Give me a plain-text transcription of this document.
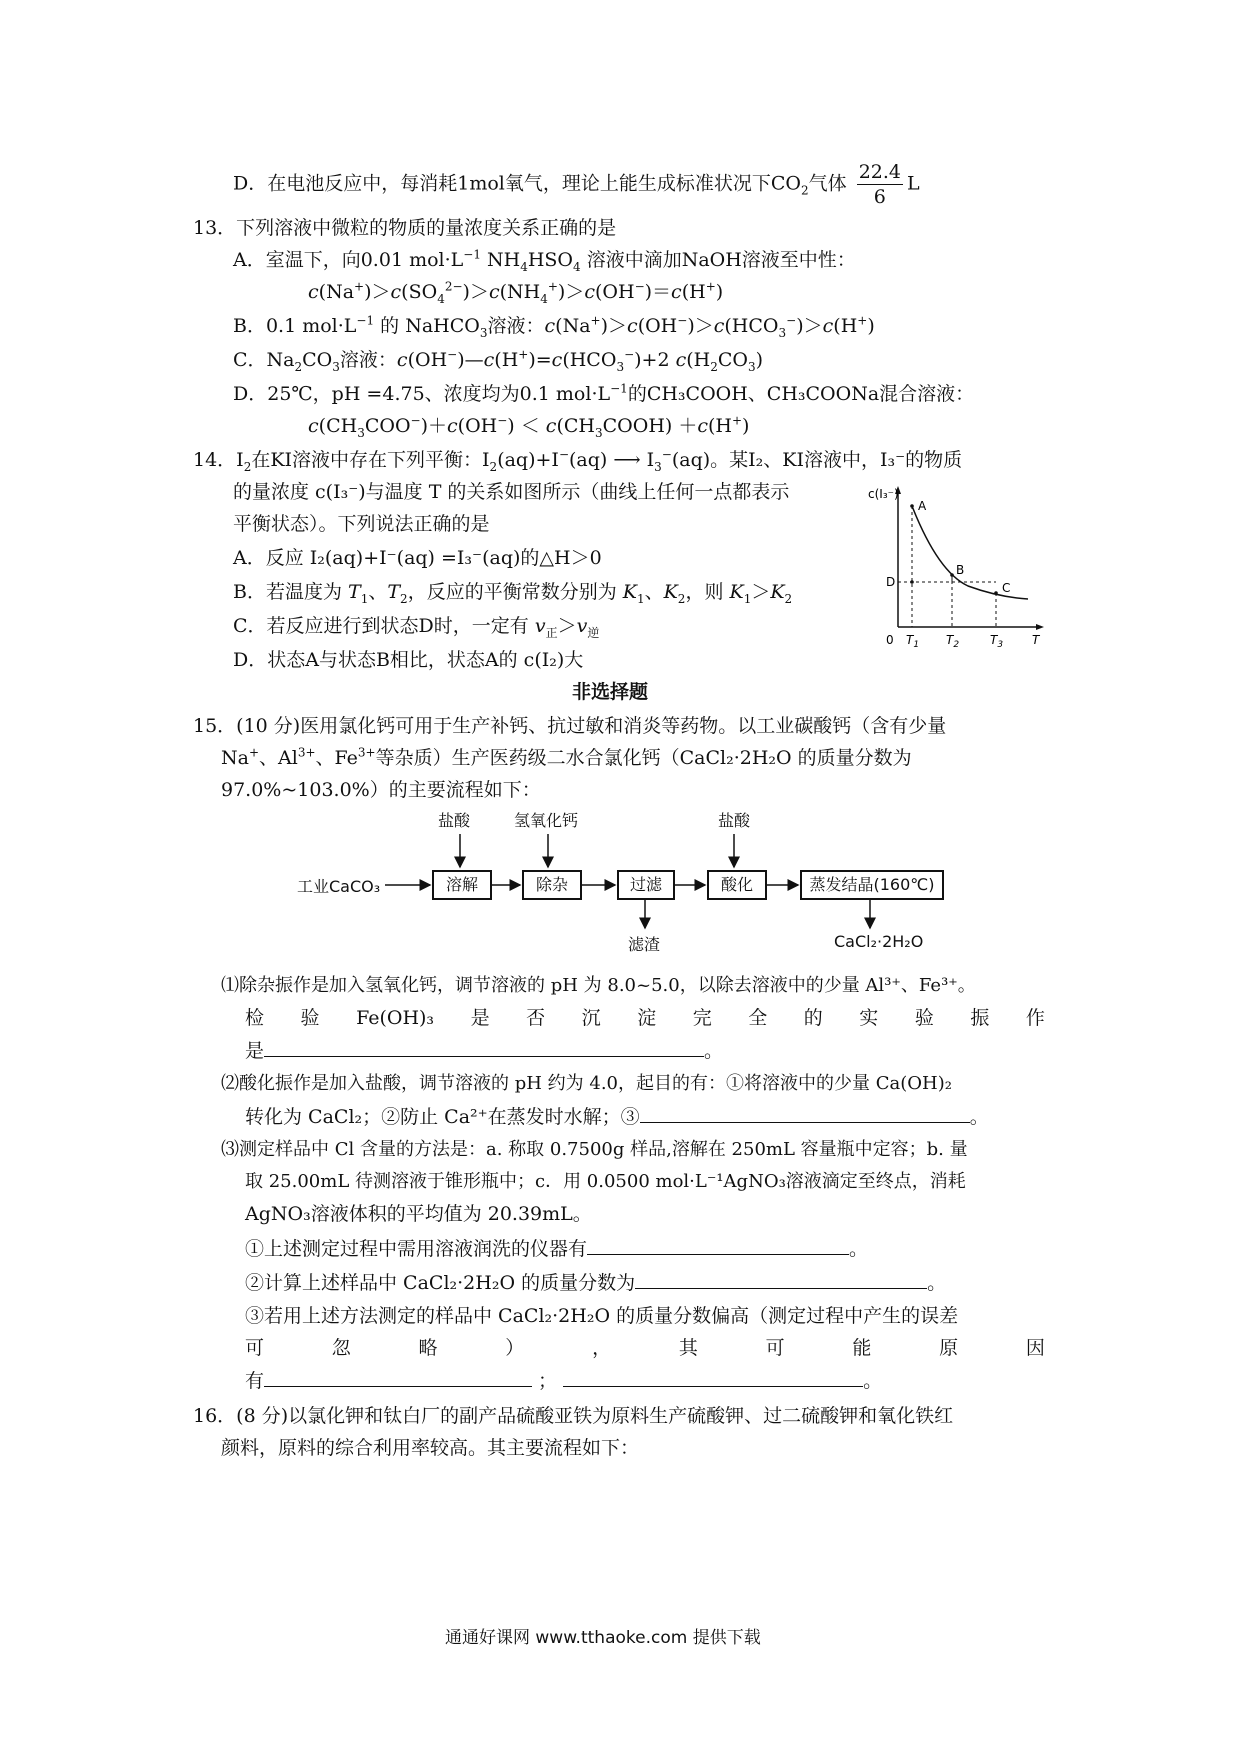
D．在电池反应中，每消耗1mol氧气，理论上能生成标准状况下$CO_2$气体 $\frac{22.4}{6}$ L
13．下列溶液中微粒的物质的量浓度关系正确的是
A．室温下，向0.01 $mol\cdot L^{-1}$ $NH_4HSO_4$ 溶液中滴加NaOH溶液至中性：
$c(Na^+)>c(SO_4^{2-})>c(NH_4^+)>c(OH^-)=c(H^+)$
B．0.1 $mol\cdot L^{-1}$ 的 NaHCO$_3$溶液：$c(Na^+)>c(OH^-)>c(HCO_3^-)>c(H^+)$
C．$Na_2CO_3$溶液：$c(OH^-)—c(H^+)=c(HCO_3^-)+2$ $c(H_2CO_3)$
D．25℃，pH =4.75、浓度均为0.1 $mol\cdot L^{-1}$的CH₃COOH、CH₃COONa混合溶液：
$c(CH_3COO^-)+c(OH^-)$ ＜ $c(CH_3COOH) +c(H^+)$
14．$I_2$在KI溶液中存在下列平衡：$I_2(aq)+I^-(aq)$ ⟶ $I_3^-(aq)$。某I₂、KI溶液中，I₃⁻的物质
的量浓度 c(I₃⁻)与温度 T 的关系如图所示（曲线上任何一点都表示
平衡状态）。下列说法正确的是
A．反应 I₂(aq)+I⁻(aq) =I₃⁻(aq)的△H＞0
B．若温度为 $T_1$、$T_2$，反应的平衡常数分别为 $K_1$、$K_2$，则 $K_1>K_2$
C．若反应进行到状态D时，一定有 $v_正>v_逆$
D．状态A与状态B相比，状态A的 c(I₂)大
c(I₃⁻)
A
B
C
D
0 $T_1$ $T_2$	$T_3$ T
非选择题
15．(10 分)医用氯化钙可用于生产补钙、抗过敏和消炎等药物。以工业碳酸钙（含有少量
Na+、$Al^{3+}$、$Fe^{3+}$等杂质）生产医药级二水合氯化钙（CaCl₂·2H₂O 的质量分数为
97.0%~103.0%）的主要流程如下：
工业CaCO₃	溶解	除杂	过滤	酸化	蒸发结晶(160℃)
盐酸	氢氧化钙	盐酸
滤渣	CaCl₂·2H₂O
⑴除杂振作是加入氢氧化钙，调节溶液的 pH 为 8.0~5.0，以除去溶液中的少量 Al³⁺、Fe³⁺。
检 验 Fe(OH)₃ 是 否 沉 淀 完 全 的 实 验 振 作
是	。
⑵酸化振作是加入盐酸，调节溶液的 pH 约为 4.0，起目的有：①将溶液中的少量 Ca(OH)₂
转化为 CaCl₂；②防止 Ca²⁺在蒸发时水解；③	。
⑶测定样品中 Cl 含量的方法是：a. 称取 0.7500g 样品,溶解在 250mL 容量瓶中定容；b. 量
取 25.00mL 待测溶液于锥形瓶中；c．用 0.0500 mol·L⁻¹AgNO₃溶液滴定至终点，消耗
AgNO₃溶液体积的平均值为 20.39mL。
①上述测定过程中需用溶液润洗的仪器有	。
②计算上述样品中 CaCl₂·2H₂O 的质量分数为	。
③若用上述方法测定的样品中 CaCl₂·2H₂O 的质量分数偏高（测定过程中产生的误差
可	忽	略	）	，	其	可	能	原	因
有	；	。
16．(8 分)以氯化钾和钛白厂的副产品硫酸亚铁为原料生产硫酸钾、过二硫酸钾和氧化铁红
颜料，原料的综合利用率较高。其主要流程如下：
通通好课网 www.tthaoke.com 提供下载
